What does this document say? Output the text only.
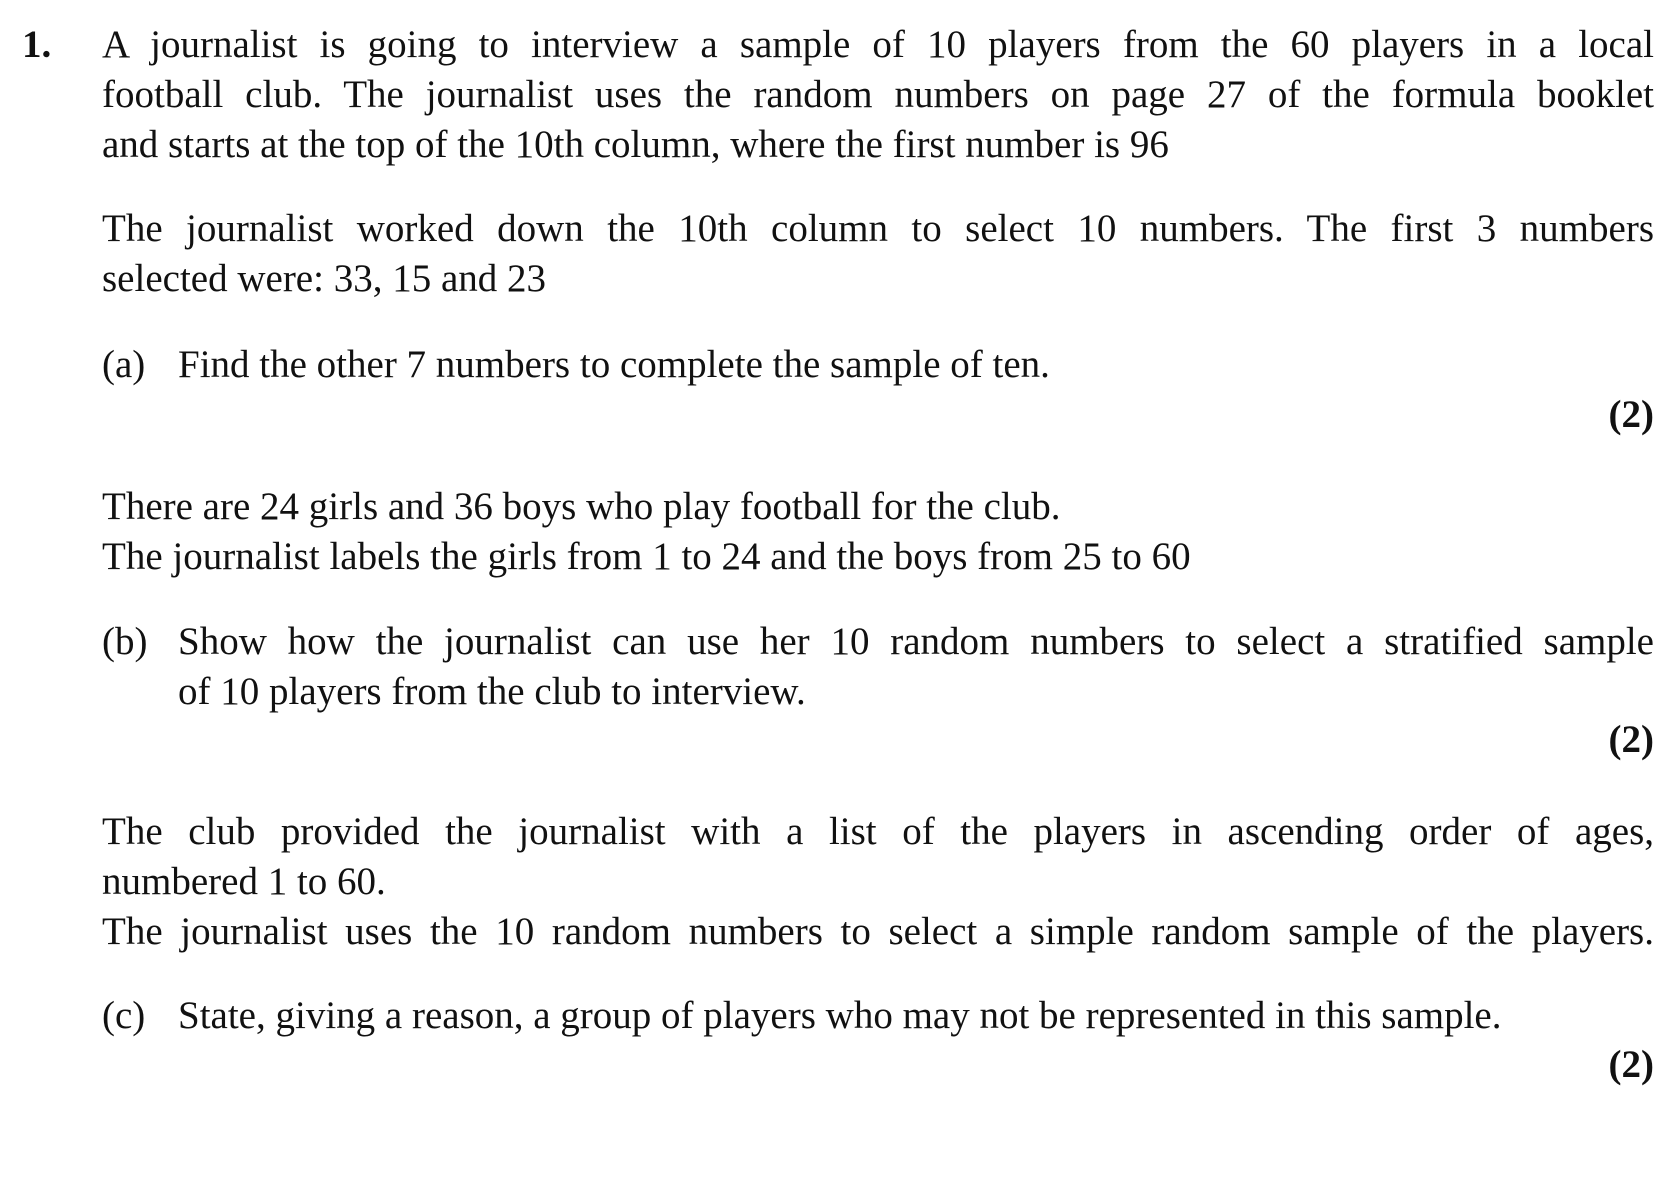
1. A journalist is going to interview a sample of 10 players from the 60 players in a local
football club. The journalist uses the random numbers on page 27 of the formula booklet
and starts at the top of the 10th column, where the first number is 96
The journalist worked down the 10th column to select 10 numbers. The first 3 numbers
selected were: 33, 15 and 23
(a) Find the other 7 numbers to complete the sample of ten.
(2)
There are 24 girls and 36 boys who play football for the club.
The journalist labels the girls from 1 to 24 and the boys from 25 to 60
(b) Show how the journalist can use her 10 random numbers to select a stratified sample
of 10 players from the club to interview.
(2)
The club provided the journalist with a list of the players in ascending order of ages,
numbered 1 to 60.
The journalist uses the 10 random numbers to select a simple random sample of the players.
(c) State, giving a reason, a group of players who may not be represented in this sample.
(2)
